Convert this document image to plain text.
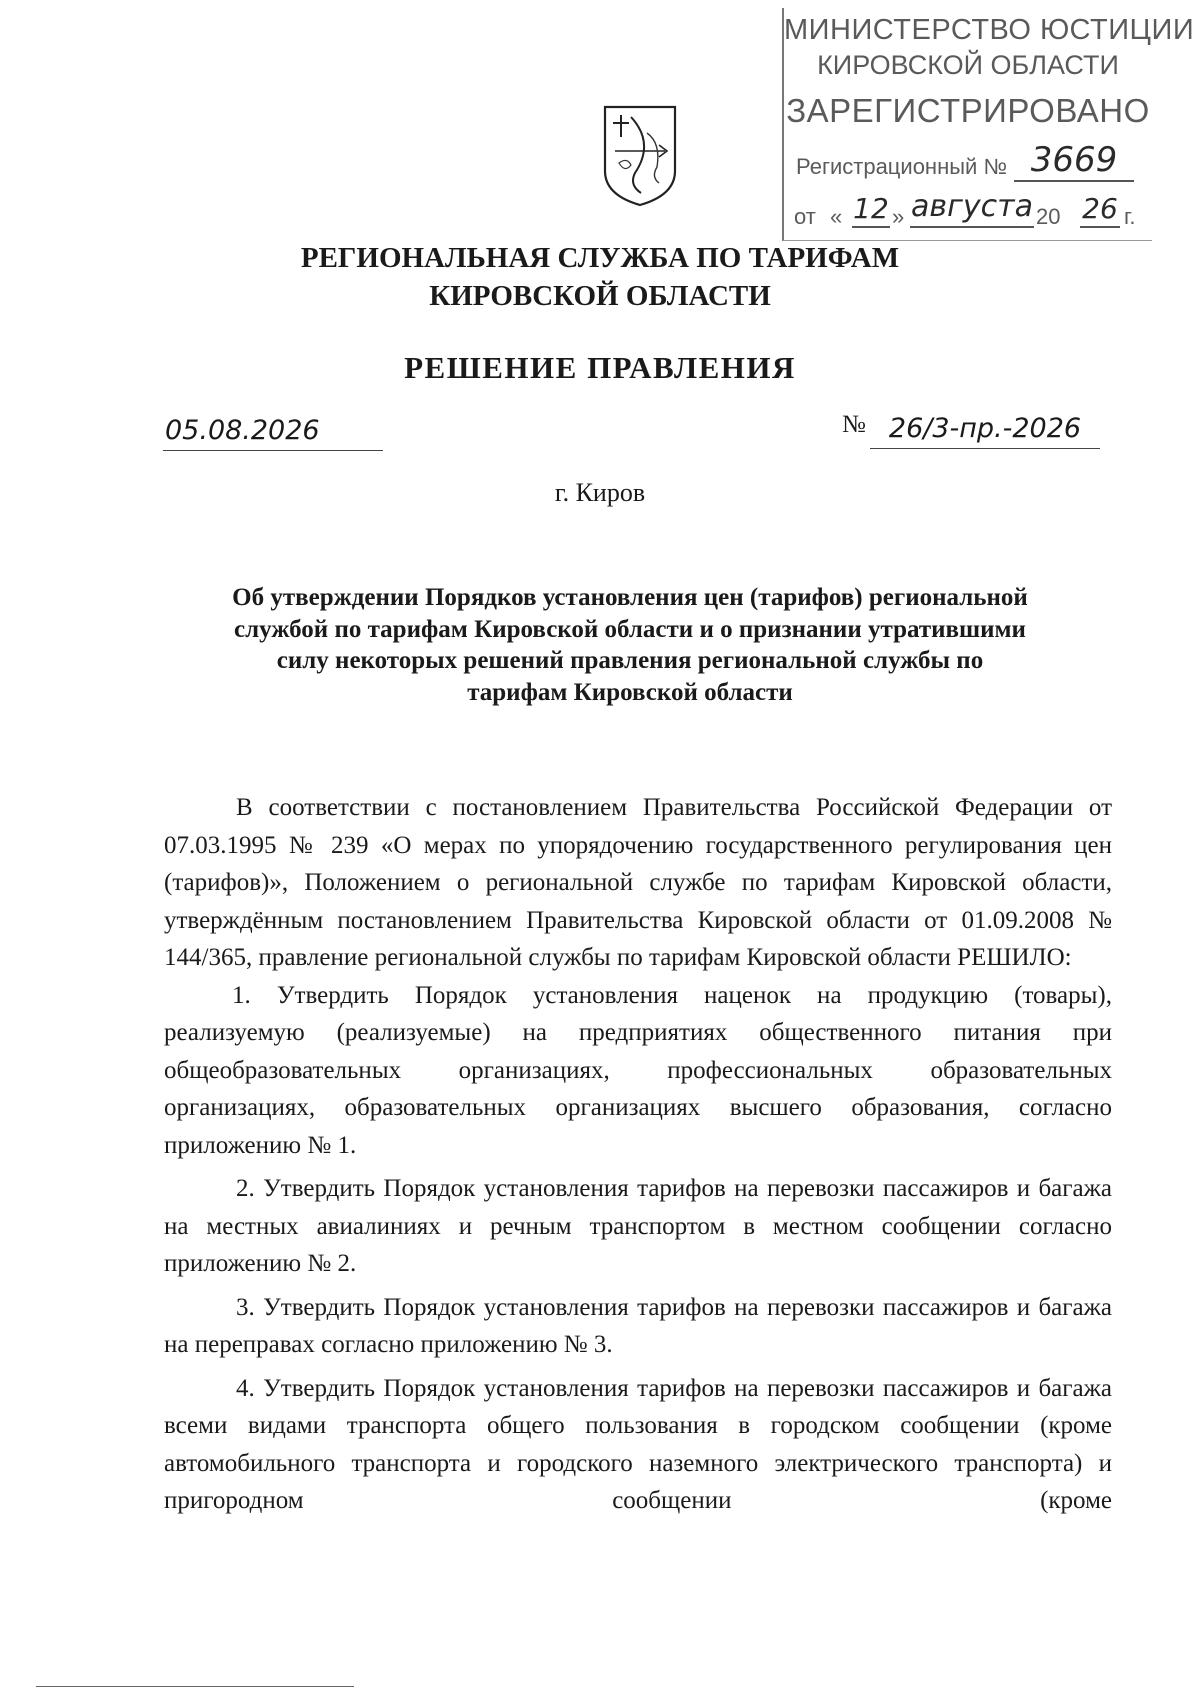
МИНИСТЕРСТВО ЮСТИЦИИ
КИРОВСКОЙ ОБЛАСТИ
ЗАРЕГИСТРИРОВАНО
Регистрационный № 3669
от « 12 » августа 20 26 г.
РЕГИОНАЛЬНАЯ СЛУЖБА ПО ТАРИФАМ
КИРОВСКОЙ ОБЛАСТИ
РЕШЕНИЕ ПРАВЛЕНИЯ
05.08.2026	№ 26/3-пр.-2026
г. Киров
Об утверждении Порядков установления цен (тарифов) региональной
службой по тарифам Кировской области и о признании утратившими
силу некоторых решений правления региональной службы по
тарифам Кировской области

В соответствии с постановлением Правительства Российской Федерации от 07.03.1995 № 239 «О мерах по упорядочению государственного регулирования цен (тарифов)», Положением о региональной службе по тарифам Кировской области, утверждённым постановлением Правительства Кировской области от 01.09.2008 № 144/365, правление региональной службы по тарифам Кировской области РЕШИЛО:

1. Утвердить Порядок установления наценок на продукцию (товары), реализуемую (реализуемые) на предприятиях общественного питания при общеобразовательных организациях, профессиональных образовательных организациях, образовательных организациях высшего образования, согласно приложению № 1.

2. Утвердить Порядок установления тарифов на перевозки пассажиров и багажа на местных авиалиниях и речным транспортом в местном сообщении согласно приложению № 2.

3. Утвердить Порядок установления тарифов на перевозки пассажиров и багажа на переправах согласно приложению № 3.

4. Утвердить Порядок установления тарифов на перевозки пассажиров и багажа всеми видами транспорта общего пользования в городском сообщении (кроме автомобильного транспорта и городского наземного электрического транспорта) и пригородном сообщении (кроме
